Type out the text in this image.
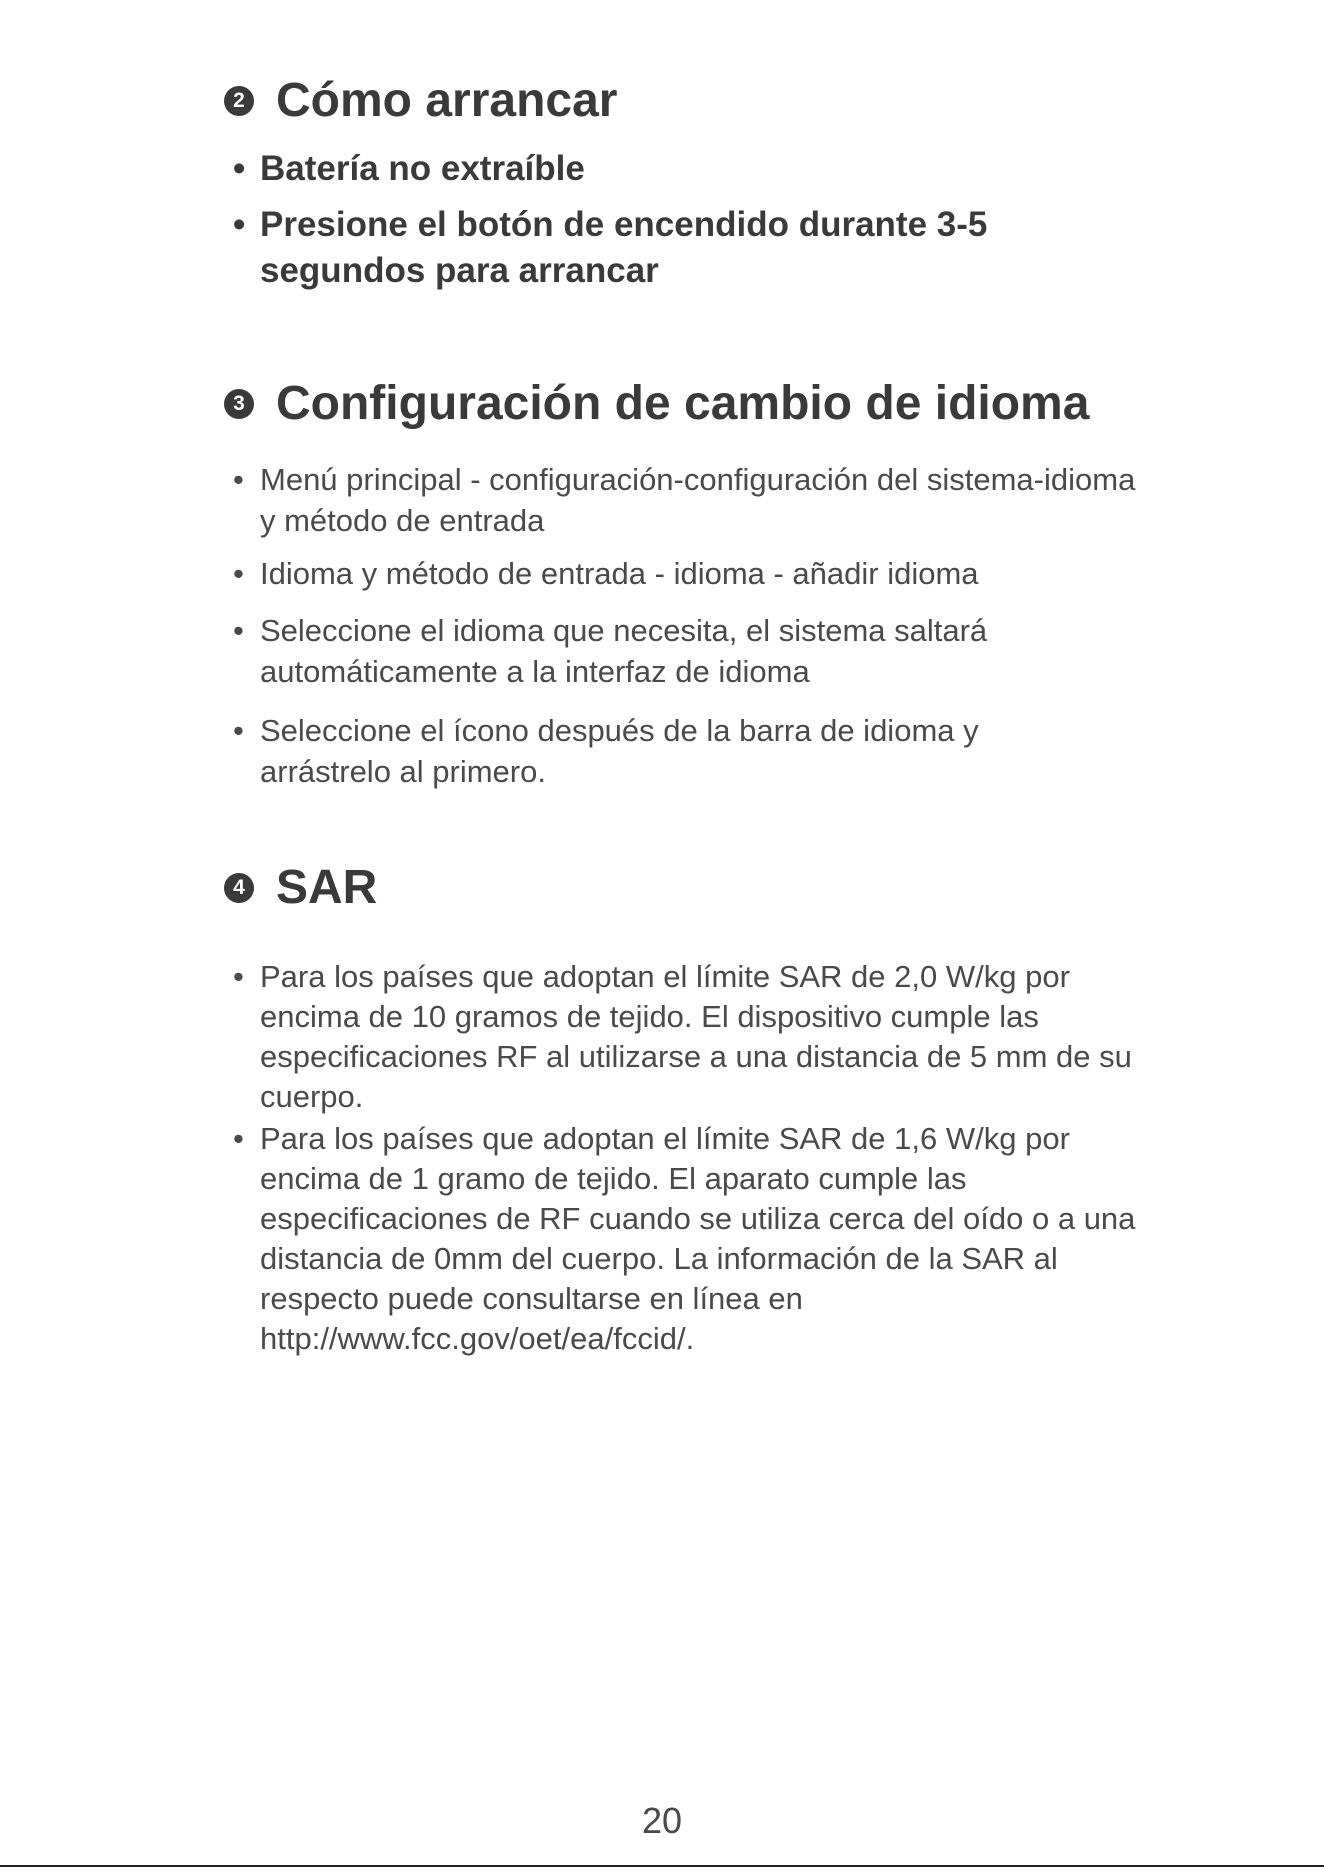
2 Cómo arrancar
• Batería no extraíble
• Presione el botón de encendido durante 3-5 segundos para arrancar
3 Configuración de cambio de idioma
• Menú principal - configuración-configuración del sistema-idioma y método de entrada
• Idioma y método de entrada - idioma - añadir idioma
• Seleccione el idioma que necesita, el sistema saltará automáticamente a la interfaz de idioma
• Seleccione el ícono después de la barra de idioma y arrástrelo al primero.
4 SAR
• Para los países que adoptan el límite SAR de 2,0 W/kg por encima de 10 gramos de tejido. El dispositivo cumple las especificaciones RF al utilizarse a una distancia de 5 mm de su cuerpo.
• Para los países que adoptan el límite SAR de 1,6 W/kg por encima de 1 gramo de tejido. El aparato cumple las especificaciones de RF cuando se utiliza cerca del oído o a una distancia de 0mm del cuerpo. La información de la SAR al respecto puede consultarse en línea en http://www.fcc.gov/oet/ea/fccid/.
20
